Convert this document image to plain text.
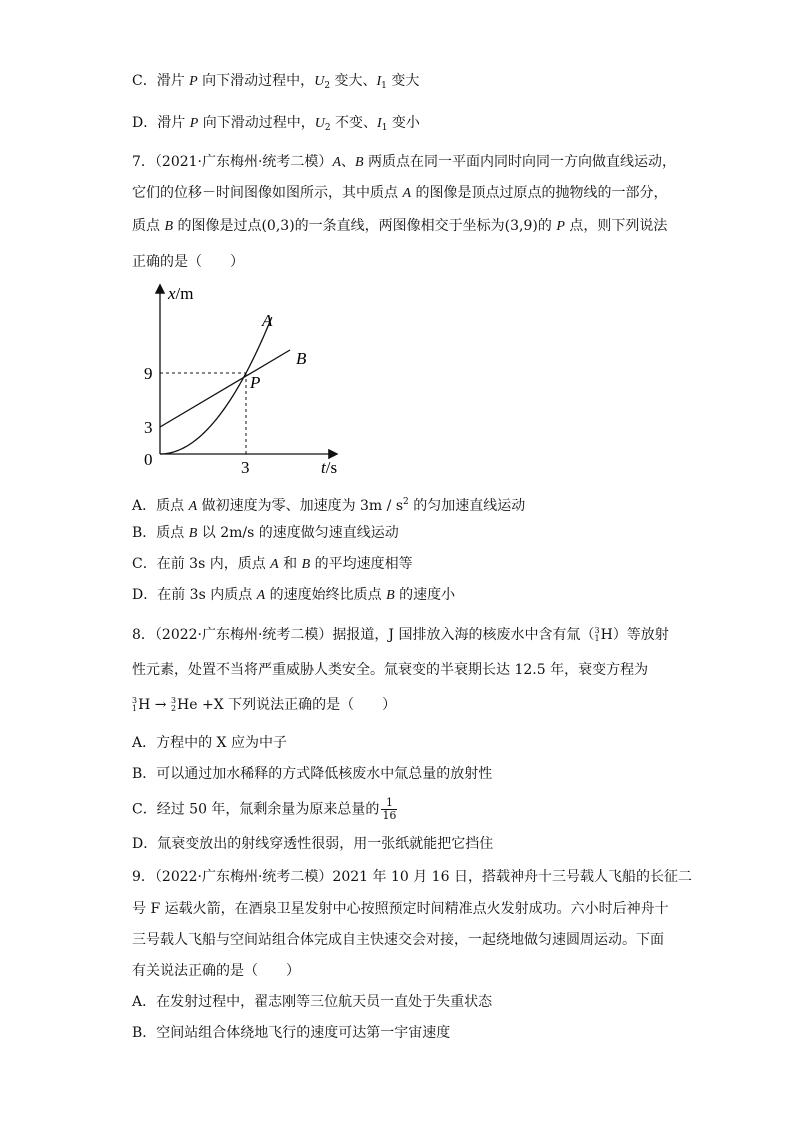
C．滑片 P 向下滑动过程中，$U_2$ 变大、$I_1$ 变大
D．滑片 P 向下滑动过程中，$U_2$ 不变、$I_1$ 变小
7．（2021·广东梅州·统考二模）A、B 两质点在同一平面内同时向同一方向做直线运动，
它们的位移－时间图像如图所示，其中质点 A 的图像是顶点过原点的抛物线的一部分，
质点 B 的图像是过点(0,3)的一条直线，两图像相交于坐标为(3,9)的 P 点，则下列说法
正确的是（　　）
x/m
t/s
0
9
3
3
A
B
P
A．质点 A 做初速度为零、加速度为 $3m / s^2$ 的匀加速直线运动
B．质点 B 以 2m/s 的速度做匀速直线运动
C．在前 3s 内，质点 A 和 B 的平均速度相等
D．在前 3s 内质点 A 的速度始终比质点 B 的速度小
8．（2022·广东梅州·统考二模）据报道，J 国排放入海的核废水中含有氚（ 3
1 H）等放射
性元素，处置不当将严重威胁人类安全。氚衰变的半衰期长达 12.5 年，衰变方程为
3
1 H → 3
2 He +X 下列说法正确的是（　　）
A．方程中的 X 应为中子
B．可以通过加水稀释的方式降低核废水中氚总量的放射性
C．经过 50 年，氚剩余量为原来总量的 $\frac{1}{16}$
D．氚衰变放出的射线穿透性很弱，用一张纸就能把它挡住
9．（2022·广东梅州·统考二模）2021 年 10 月 16 日，搭载神舟十三号载人飞船的长征二
号 F 运载火箭，在酒泉卫星发射中心按照预定时间精准点火发射成功。六小时后神舟十
三号载人飞船与空间站组合体完成自主快速交会对接，一起绕地做匀速圆周运动。下面
有关说法正确的是（　　）
A．在发射过程中，翟志刚等三位航天员一直处于失重状态
B．空间站组合体绕地飞行的速度可达第一宇宙速度
